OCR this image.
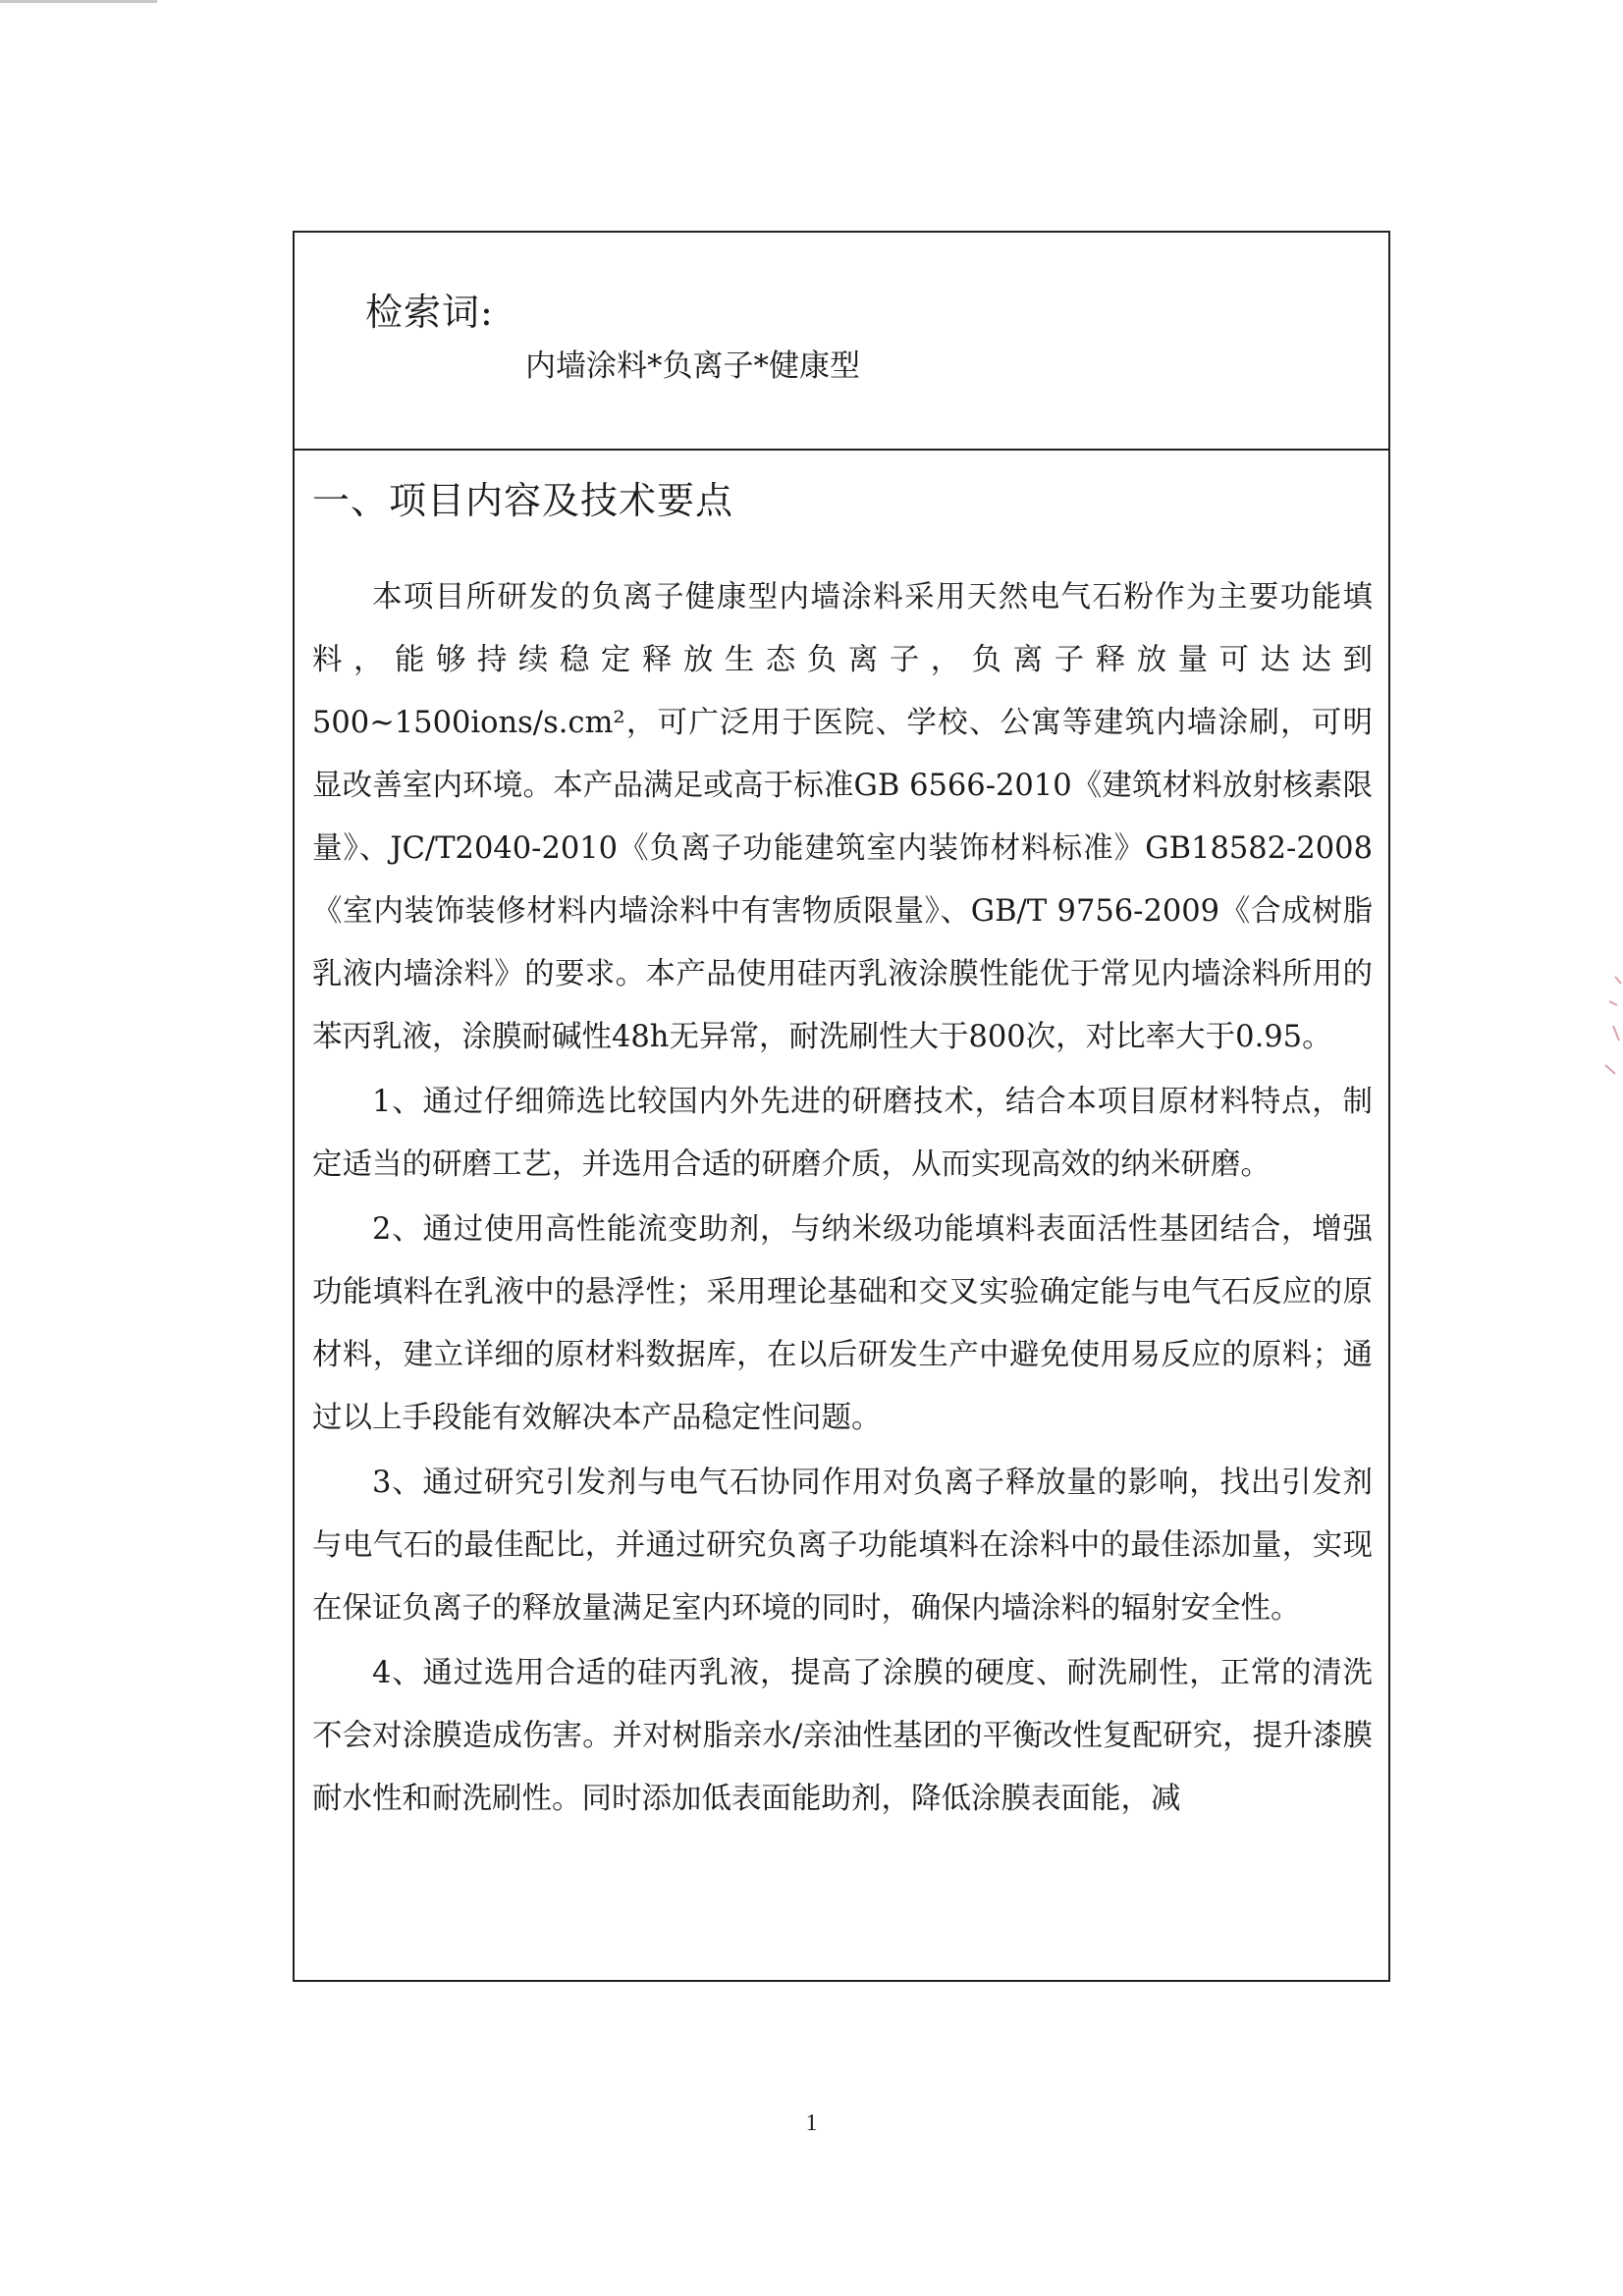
检索词:
内墙涂料*负离子*健康型
一、项目内容及技术要点

本项目所研发的负离子健康型内墙涂料采用天然电气石粉作为主要功能填料，能够持续稳定释放生态负离子，负离子释放量可达达到500~1500ions/s.cm²，可广泛用于医院、学校、公寓等建筑内墙涂刷，可明显改善室内环境。本产品满足或高于标准GB 6566-2010《建筑材料放射核素限量》、JC/T2040-2010《负离子功能建筑室内装饰材料标准》GB18582-2008《室内装饰装修材料内墙涂料中有害物质限量》、GB/T 9756-2009《合成树脂乳液内墙涂料》的要求。本产品使用硅丙乳液涂膜性能优于常见内墙涂料所用的苯丙乳液，涂膜耐碱性48h无异常，耐洗刷性大于800次，对比率大于0.95。

1、通过仔细筛选比较国内外先进的研磨技术，结合本项目原材料特点，制定适当的研磨工艺，并选用合适的研磨介质，从而实现高效的纳米研磨。

2、通过使用高性能流变助剂，与纳米级功能填料表面活性基团结合，增强功能填料在乳液中的悬浮性；采用理论基础和交叉实验确定能与电气石反应的原材料，建立详细的原材料数据库，在以后研发生产中避免使用易反应的原料；通过以上手段能有效解决本产品稳定性问题。

3、通过研究引发剂与电气石协同作用对负离子释放量的影响，找出引发剂与电气石的最佳配比，并通过研究负离子功能填料在涂料中的最佳添加量，实现在保证负离子的释放量满足室内环境的同时，确保内墙涂料的辐射安全性。

4、通过选用合适的硅丙乳液，提高了涂膜的硬度、耐洗刷性，正常的清洗不会对涂膜造成伤害。并对树脂亲水/亲油性基团的平衡改性复配研究，提升漆膜耐水性和耐洗刷性。同时添加低表面能助剂，降低涂膜表面能，减

1
